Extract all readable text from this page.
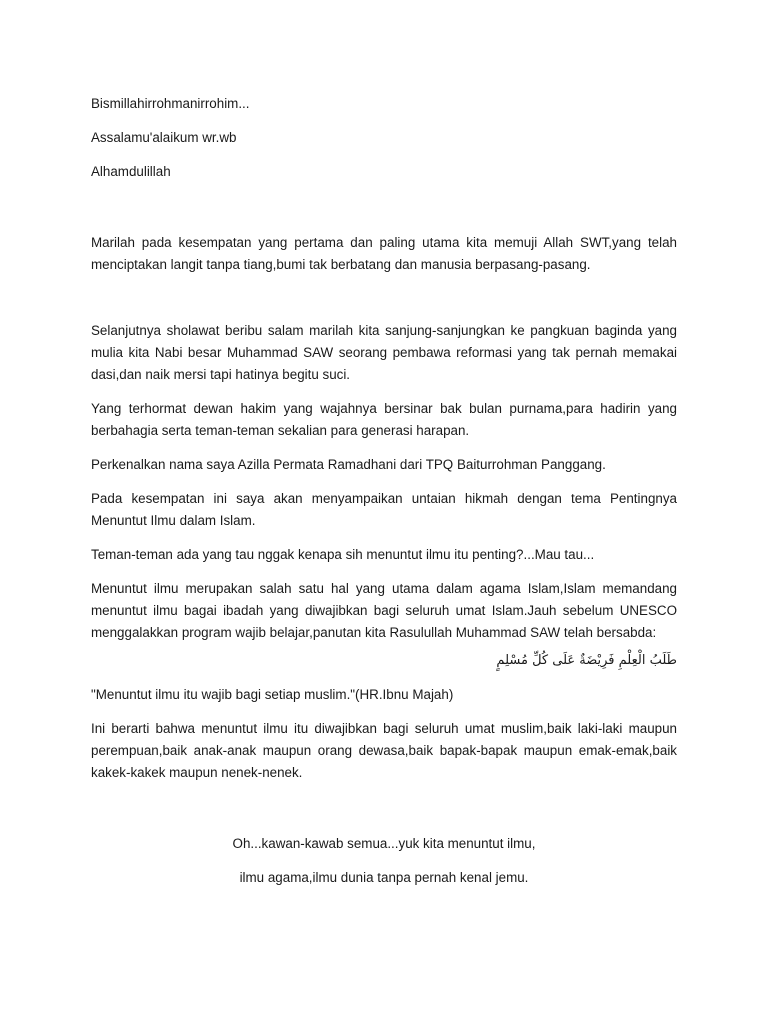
Bismillahirrohmanirrohim...

Assalamu'alaikum wr.wb

Alhamdulillah

Marilah pada kesempatan yang pertama dan paling utama kita memuji Allah SWT,yang telah menciptakan langit tanpa tiang,bumi tak berbatang dan manusia berpasang-pasang.

Selanjutnya sholawat beribu salam marilah kita sanjung-sanjungkan ke pangkuan baginda yang mulia kita Nabi besar Muhammad SAW seorang pembawa reformasi yang tak pernah memakai dasi,dan naik mersi tapi hatinya begitu suci.

Yang terhormat dewan hakim yang wajahnya bersinar bak bulan purnama,para hadirin yang berbahagia serta teman-teman sekalian para generasi harapan.

Perkenalkan nama saya Azilla Permata Ramadhani dari TPQ Baiturrohman Panggang.

Pada kesempatan ini saya akan menyampaikan untaian hikmah dengan tema Pentingnya Menuntut Ilmu dalam Islam.

Teman-teman ada yang tau nggak kenapa sih menuntut ilmu itu penting?...Mau tau...

Menuntut ilmu merupakan salah satu hal yang utama dalam agama Islam,Islam memandang menuntut ilmu bagai ibadah yang diwajibkan bagi seluruh umat Islam.Jauh sebelum UNESCO menggalakkan program wajib belajar,panutan kita Rasulullah Muhammad SAW telah bersabda:

طَلَبُ الْعِلْمِ فَرِيْضَةٌ عَلَى كُلِّ مُسْلِمٍ

"Menuntut ilmu itu wajib bagi setiap muslim."(HR.Ibnu Majah)

Ini berarti bahwa menuntut ilmu itu diwajibkan bagi seluruh umat muslim,baik laki-laki maupun perempuan,baik anak-anak maupun orang dewasa,baik bapak-bapak maupun emak-emak,baik kakek-kakek maupun nenek-nenek.

Oh...kawan-kawab semua...yuk kita menuntut ilmu,

ilmu agama,ilmu dunia tanpa pernah kenal jemu.
